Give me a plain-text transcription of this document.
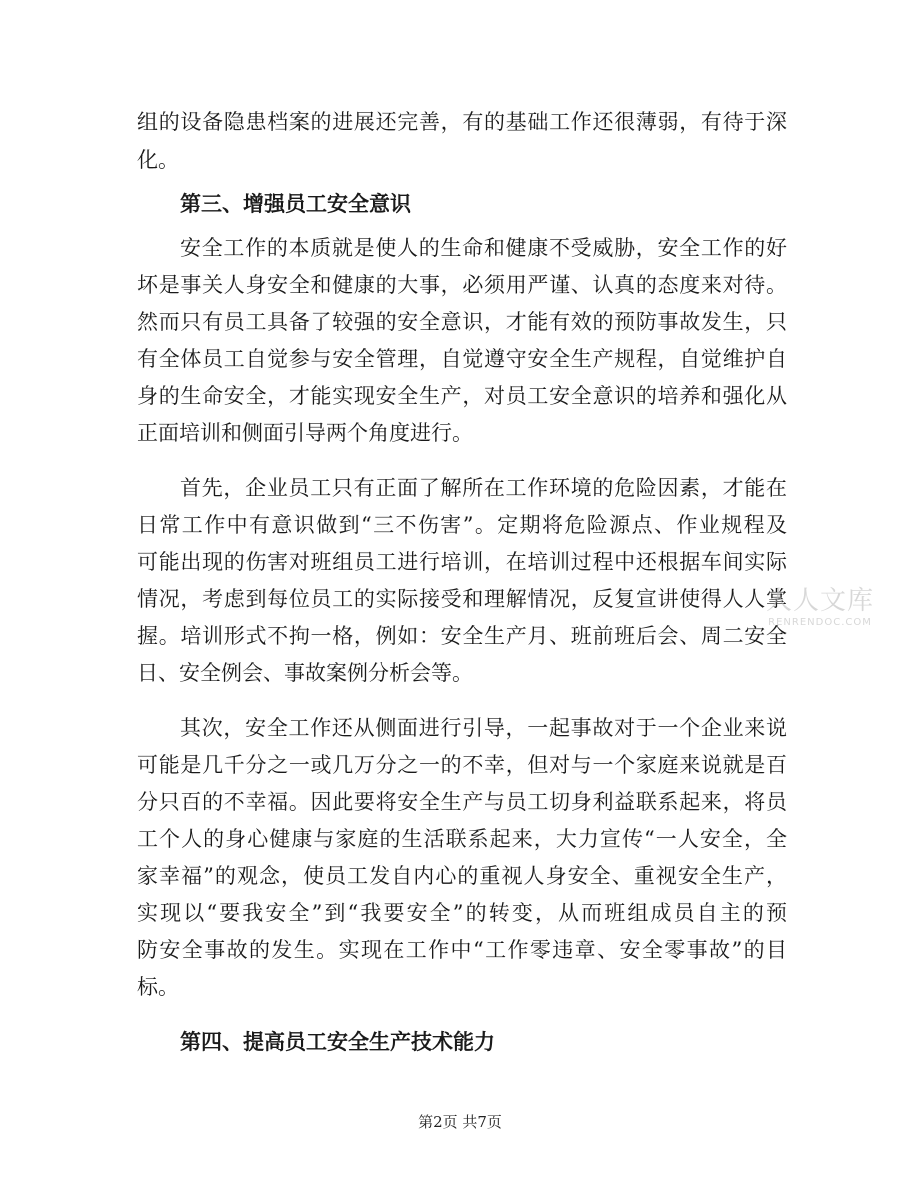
组的设备隐患档案的进展还完善，有的基础工作还很薄弱，有待于深
化。
第三、增强员工安全意识
安全工作的本质就是使人的生命和健康不受威胁，安全工作的好
坏是事关人身安全和健康的大事，必须用严谨、认真的态度来对待。
然而只有员工具备了较强的安全意识，才能有效的预防事故发生，只
有全体员工自觉参与安全管理，自觉遵守安全生产规程，自觉维护自
身的生命安全，才能实现安全生产，对员工安全意识的培养和强化从
正面培训和侧面引导两个角度进行。
首先，企业员工只有正面了解所在工作环境的危险因素，才能在
日常工作中有意识做到“三不伤害”。定期将危险源点、作业规程及
可能出现的伤害对班组员工进行培训，在培训过程中还根据车间实际
情况，考虑到每位员工的实际接受和理解情况，反复宣讲使得人人掌
握。培训形式不拘一格，例如：安全生产月、班前班后会、周二安全
日、安全例会、事故案例分析会等。
其次，安全工作还从侧面进行引导，一起事故对于一个企业来说
可能是几千分之一或几万分之一的不幸，但对与一个家庭来说就是百
分只百的不幸福。因此要将安全生产与员工切身利益联系起来，将员
工个人的身心健康与家庭的生活联系起来，大力宣传“一人安全，全
家幸福”的观念，使员工发自内心的重视人身安全、重视安全生产，
实现以“要我安全”到“我要安全”的转变，从而班组成员自主的预
防安全事故的发生。实现在工作中“工作零违章、安全零事故”的目
标。
第四、提高员工安全生产技术能力
第2页 共7页
人人文库
RENRENDOC.COM
